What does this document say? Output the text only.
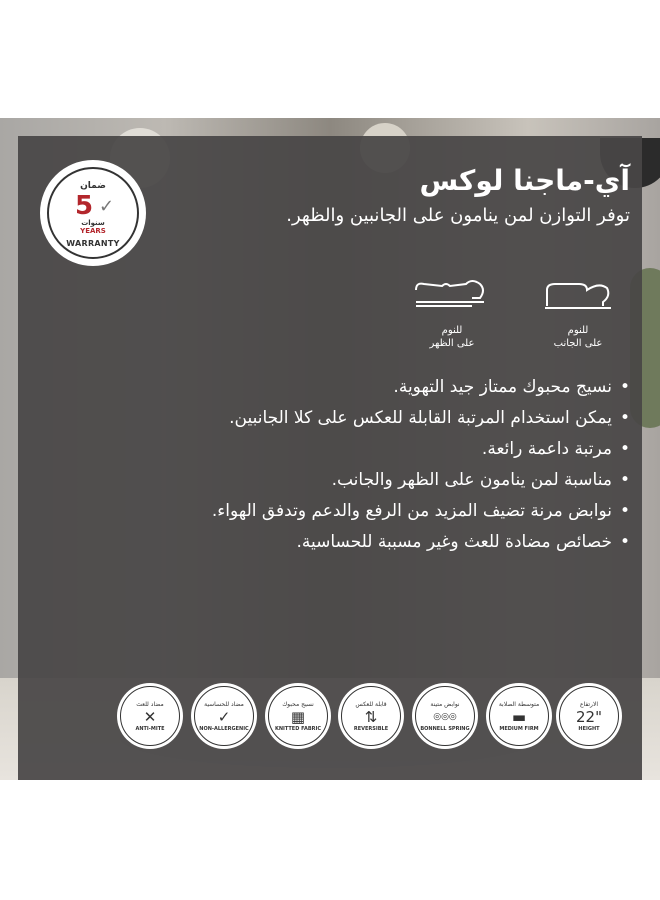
ضمان
5 ✓
سنوات
YEARS
WARRANTY
آي-ماجنا لوكس
توفر التوازن لمن ينامون على الجانبين والظهر.
للنوم
على الجانب
للنوم
على الظهر
•نسيج محبوك ممتاز جيد التهوية.
•يمكن استخدام المرتبة القابلة للعكس على كلا الجانبين.
•مرتبة داعمة رائعة.
•مناسبة لمن ينامون على الظهر والجانب.
•نوابض مرنة تضيف المزيد من الرفع والدعم وتدفق الهواء.
•خصائص مضادة للعث وغير مسببة للحساسية.
الارتفاع
22"
HEIGHT
متوسطة الصلابة
▬
MEDIUM FIRM
نوابض متينة
◎◎◎
BONNELL SPRING
قابلة للعكس
⇅
REVERSIBLE
نسيج محبوك
▦
KNITTED FABRIC
مضاد للحساسية
✓
NON-ALLERGENIC
مضاد للعث
✕
ANTI-MITE
